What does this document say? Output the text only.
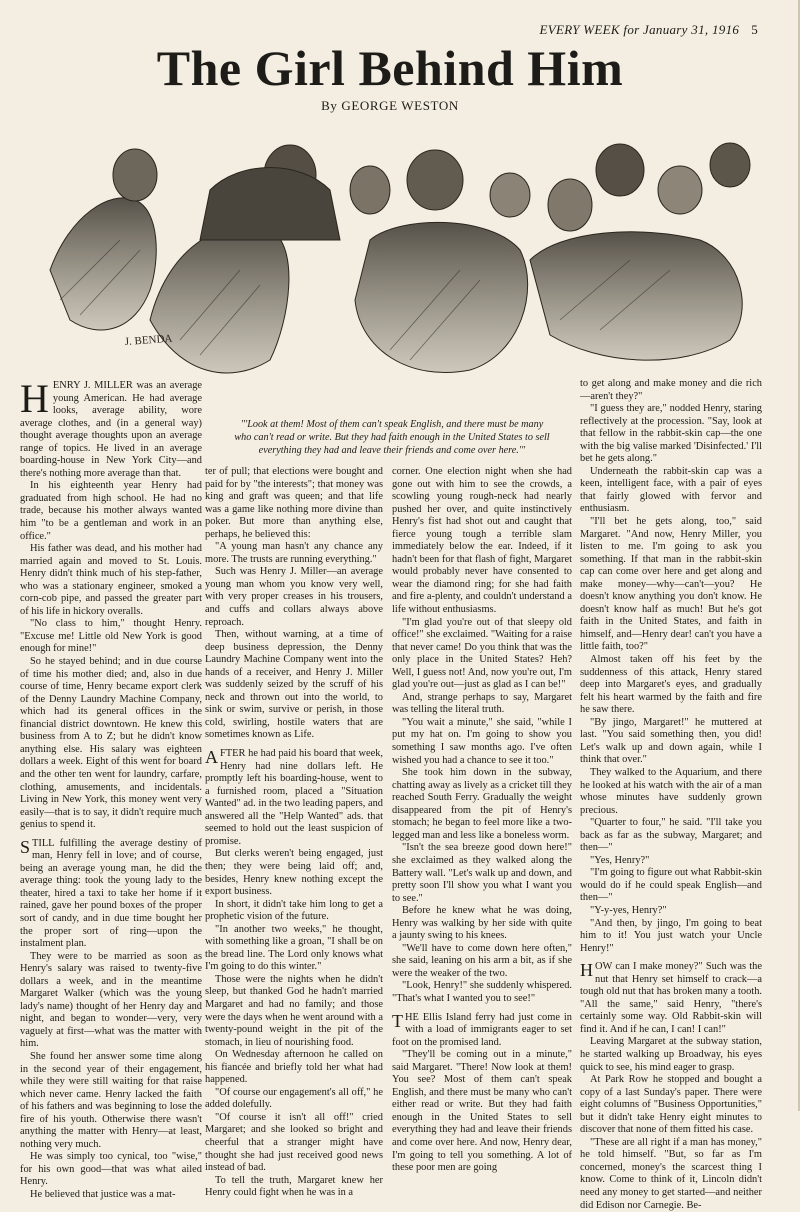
EVERY WEEK for January 31, 1916 5
The Girl Behind Him
By GEORGE WESTON
J. BENDA
"'Look at them! Most of them can't speak English, and there must be many who can't read or write. But they had faith enough in the United States to sell everything they had and leave their friends and come over here.'"

HENRY J. MILLER was an average young American. He had average looks, average ability, wore average clothes, and (in a general way) thought average thoughts upon an average range of topics. He lived in an average boarding-house in New York City—and there's nothing more average than that.

In his eighteenth year Henry had graduated from high school. He had no trade, because his mother always wanted him "to be a gentleman and work in an office."

His father was dead, and his mother had married again and moved to St. Louis. Henry didn't think much of his step-father, who was a stationary engineer, smoked a corn-cob pipe, and passed the greater part of his life in hickory overalls.

"No class to him," thought Henry. "Excuse me! Little old New York is good enough for mine!"

So he stayed behind; and in due course of time his mother died; and, also in due course of time, Henry became export clerk of the Denny Laundry Machine Company, which had its general offices in the financial district downtown. He knew this business from A to Z; but he didn't know anything else. His salary was eighteen dollars a week. Eight of this went for board and the other ten went for laundry, carfare, clothing, amusements, and incidentals. Living in New York, this money went very easily—that is to say, it didn't require much genius to spend it.

STILL fulfilling the average destiny of man, Henry fell in love; and of course, being an average young man, he did the average thing: took the young lady to the theater, hired a taxi to take her home if it rained, gave her pound boxes of the proper sort of candy, and in due time bought her the proper sort of ring—upon the instalment plan.

They were to be married as soon as Henry's salary was raised to twenty-five dollars a week, and in the meantime Margaret Walker (which was the young lady's name) thought of her Henry day and night, and began to wonder—very, very vaguely at first—what was the matter with him.

She found her answer some time along in the second year of their engagement, while they were still waiting for that raise which never came. Henry lacked the faith of his fathers and was beginning to lose the fire of his youth. Otherwise there wasn't anything the matter with Henry—at least, nothing very much.

He was simply too cynical, too "wise," for his own good—that was what ailed Henry.

He believed that justice was a mat-

ter of pull; that elections were bought and paid for by "the interests"; that money was king and graft was queen; and that life was a game like nothing more divine than poker. But more than anything else, perhaps, he believed this:

"A young man hasn't any chance any more. The trusts are running everything."

Such was Henry J. Miller—an average young man whom you know very well, with very proper creases in his trousers, and cuffs and collars always above reproach.

Then, without warning, at a time of deep business depression, the Denny Laundry Machine Company went into the hands of a receiver, and Henry J. Miller was suddenly seized by the scruff of his neck and thrown out into the world, to sink or swim, survive or perish, in those cold, swirling, hostile waters that are sometimes known as Life.

AFTER he had paid his board that week, Henry had nine dollars left. He promptly left his boarding-house, went to a furnished room, placed a "Situation Wanted" ad. in the two leading papers, and answered all the "Help Wanted" ads. that seemed to hold out the least suspicion of promise.

But clerks weren't being engaged, just then; they were being laid off; and, besides, Henry knew nothing except the export business.

In short, it didn't take him long to get a prophetic vision of the future.

"In another two weeks," he thought, with something like a groan, "I shall be on the bread line. The Lord only knows what I'm going to do this winter."

Those were the nights when he didn't sleep, but thanked God he hadn't married Margaret and had no family; and those were the days when he went around with a twenty-pound weight in the pit of the stomach, in lieu of nourishing food.

On Wednesday afternoon he called on his fiancée and briefly told her what had happened.

"Of course our engagement's all off," he added dolefully.

"Of course it isn't all off!" cried Margaret; and she looked so bright and cheerful that a stranger might have thought she had just received good news instead of bad.

To tell the truth, Margaret knew her Henry could fight when he was in a

corner. One election night when she had gone out with him to see the crowds, a scowling young rough-neck had nearly pushed her over, and quite instinctively Henry's fist had shot out and caught that fierce young tough a terrible slam immediately below the ear. Indeed, if it hadn't been for that flash of fight, Margaret would probably never have consented to wear the diamond ring; for she had faith and fire a-plenty, and couldn't understand a life without enthusiasms.

"I'm glad you're out of that sleepy old office!" she exclaimed. "Waiting for a raise that never came! Do you think that was the only place in the United States? Heh? Well, I guess not! And, now you're out, I'm glad you're out—just as glad as I can be!"

And, strange perhaps to say, Margaret was telling the literal truth.

"You wait a minute," she said, "while I put my hat on. I'm going to show you something I saw months ago. I've often wished you had a chance to see it too."

She took him down in the subway, chatting away as lively as a cricket till they reached South Ferry. Gradually the weight disappeared from the pit of Henry's stomach; he began to feel more like a two-legged man and less like a boneless worm.

"Isn't the sea breeze good down here!" she exclaimed as they walked along the Battery wall. "Let's walk up and down, and pretty soon I'll show you what I want you to see."

Before he knew what he was doing, Henry was walking by her side with quite a jaunty swing to his knees.

"We'll have to come down here often," she said, leaning on his arm a bit, as if she were the weaker of the two.

"Look, Henry!" she suddenly whispered. "That's what I wanted you to see!"

THE Ellis Island ferry had just come in with a load of immigrants eager to set foot on the promised land.

"They'll be coming out in a minute," said Margaret. "There! Now look at them! You see? Most of them can't speak English, and there must be many who can't either read or write. But they had faith enough in the United States to sell everything they had and leave their friends and come over here. And now, Henry dear, I'm going to tell you something. A lot of these poor men are going

to get along and make money and die rich—aren't they?"

"I guess they are," nodded Henry, staring reflectively at the procession. "Say, look at that fellow in the rabbit-skin cap—the one with the big valise marked 'Disinfected.' I'll bet he gets along."

Underneath the rabbit-skin cap was a keen, intelligent face, with a pair of eyes that fairly glowed with fervor and enthusiasm.

"I'll bet he gets along, too," said Margaret. "And now, Henry Miller, you listen to me. I'm going to ask you something. If that man in the rabbit-skin cap can come over here and get along and make money—why—can't—you? He doesn't know anything you don't know. He doesn't know half as much! But he's got faith in the United States, and faith in himself, and—Henry dear! can't you have a little faith, too?"

Almost taken off his feet by the suddenness of this attack, Henry stared deep into Margaret's eyes, and gradually felt his heart warmed by the faith and fire he saw there.

"By jingo, Margaret!" he muttered at last. "You said something then, you did! Let's walk up and down again, while I think that over."

They walked to the Aquarium, and there he looked at his watch with the air of a man whose minutes have suddenly grown precious.

"Quarter to four," he said. "I'll take you back as far as the subway, Margaret; and then—"

"Yes, Henry?"

"I'm going to figure out what Rabbit-skin would do if he could speak English—and then—"

"Y-y-yes, Henry?"

"And then, by jingo, I'm going to beat him to it! You just watch your Uncle Henry!"

HOW can I make money?" Such was the nut that Henry set himself to crack—a tough old nut that has broken many a tooth. "All the same," said Henry, "there's certainly some way. Old Rabbit-skin will find it. And if he can, I can! I can!"

Leaving Margaret at the subway station, he started walking up Broadway, his eyes quick to see, his mind eager to grasp.

At Park Row he stopped and bought a copy of a last Sunday's paper. There were eight columns of "Business Opportunities," but it didn't take Henry eight minutes to discover that none of them fitted his case.

"These are all right if a man has money," he told himself. "But, so far as I'm concerned, money's the scarcest thing I know. Come to think of it, Lincoln didn't need any money to get started—and neither did Edison nor Carnegie. Be-
